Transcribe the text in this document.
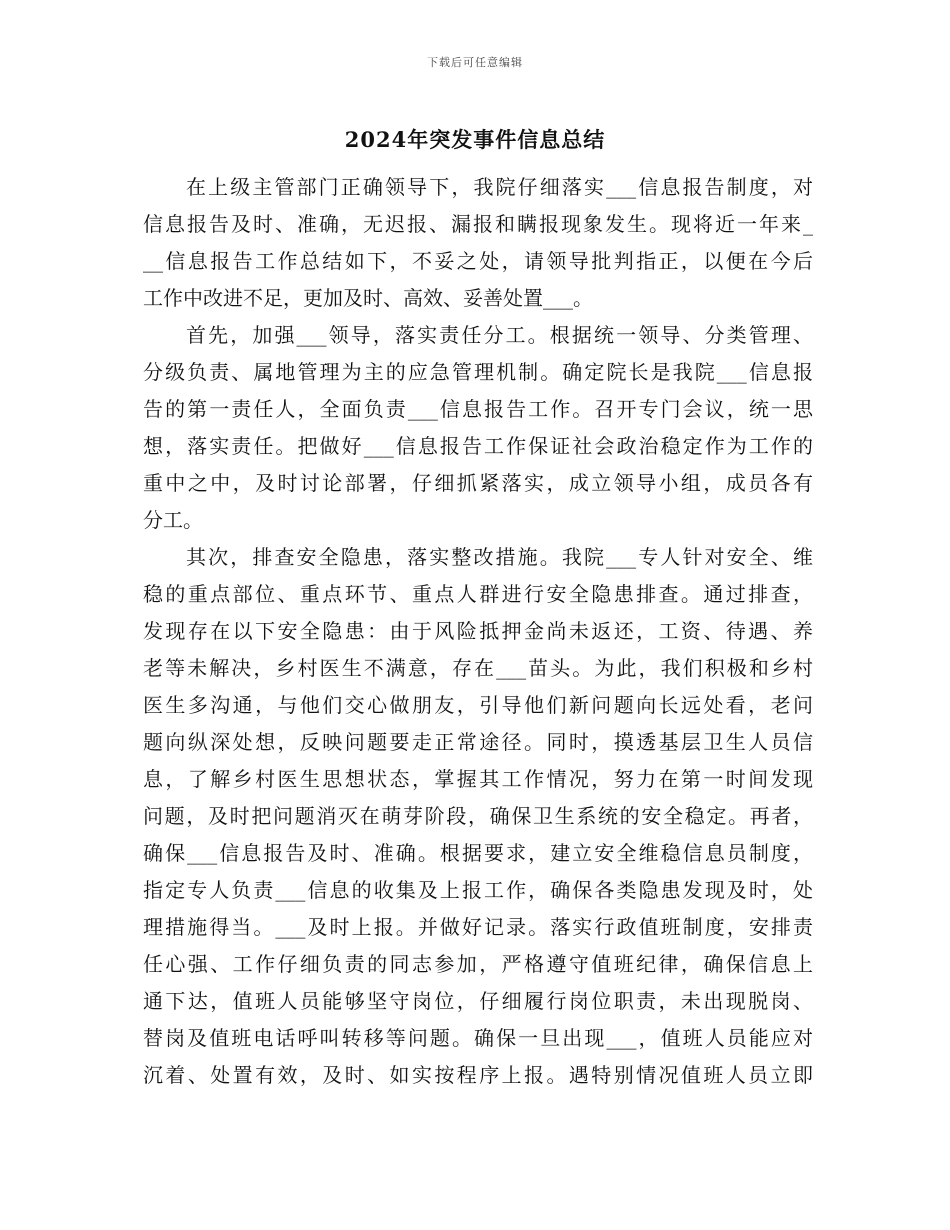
下载后可任意编辑
2024年突发事件信息总结

在上级主管部门正确领导下，我院仔细落实___信息报告制度，对

信息报告及时、准确，无迟报、漏报和瞒报现象发生。现将近一年来_

__信息报告工作总结如下，不妥之处，请领导批判指正，以便在今后

工作中改进不足，更加及时、高效、妥善处置___。

首先，加强___领导，落实责任分工。根据统一领导、分类管理、

分级负责、属地管理为主的应急管理机制。确定院长是我院___信息报

告的第一责任人，全面负责___信息报告工作。召开专门会议，统一思

想，落实责任。把做好___信息报告工作保证社会政治稳定作为工作的

重中之中，及时讨论部署，仔细抓紧落实，成立领导小组，成员各有

分工。

其次，排查安全隐患，落实整改措施。我院___专人针对安全、维

稳的重点部位、重点环节、重点人群进行安全隐患排查。通过排查，

发现存在以下安全隐患：由于风险抵押金尚未返还，工资、待遇、养

老等未解决，乡村医生不满意，存在___苗头。为此，我们积极和乡村

医生多沟通，与他们交心做朋友，引导他们新问题向长远处看，老问

题向纵深处想，反映问题要走正常途径。同时，摸透基层卫生人员信

息，了解乡村医生思想状态，掌握其工作情况，努力在第一时间发现

问题，及时把问题消灭在萌芽阶段，确保卫生系统的安全稳定。再者，

确保___信息报告及时、准确。根据要求，建立安全维稳信息员制度，

指定专人负责___信息的收集及上报工作，确保各类隐患发现及时，处

理措施得当。___及时上报。并做好记录。落实行政值班制度，安排责

任心强、工作仔细负责的同志参加，严格遵守值班纪律，确保信息上

通下达，值班人员能够坚守岗位，仔细履行岗位职责，未出现脱岗、

替岗及值班电话呼叫转移等问题。确保一旦出现___，值班人员能应对

沉着、处置有效，及时、如实按程序上报。遇特别情况值班人员立即
